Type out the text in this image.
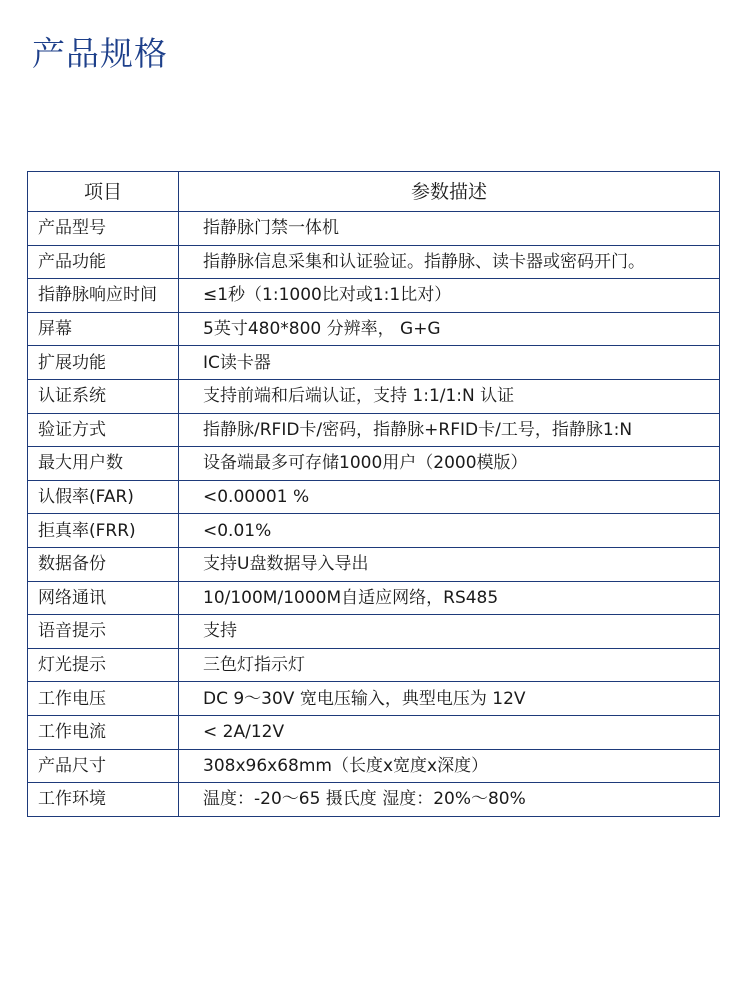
产品规格
项目	参数描述
产品型号	指静脉门禁一体机
产品功能	指静脉信息采集和认证验证。指静脉、读卡器或密码开门。
指静脉响应时间	≤1秒（1:1000比对或1:1比对）
屏幕	5英寸480*800 分辨率， G+G
扩展功能	IC读卡器
认证系统	支持前端和后端认证，支持 1:1/1:N 认证
验证方式	指静脉/RFID卡/密码，指静脉+RFID卡/工号，指静脉1:N
最大用户数	设备端最多可存储1000用户（2000模版）
认假率(FAR)	<0.00001 %
拒真率(FRR)	<0.01%
数据备份	支持U盘数据导入导出
网络通讯	10/100M/1000M自适应网络，RS485
语音提示	支持
灯光提示	三色灯指示灯
工作电压	DC 9～30V 宽电压输入，典型电压为 12V
工作电流	< 2A/12V
产品尺寸	308x96x68mm（长度x宽度x深度）
工作环境	温度：-20～65 摄氏度 湿度：20%～80%
